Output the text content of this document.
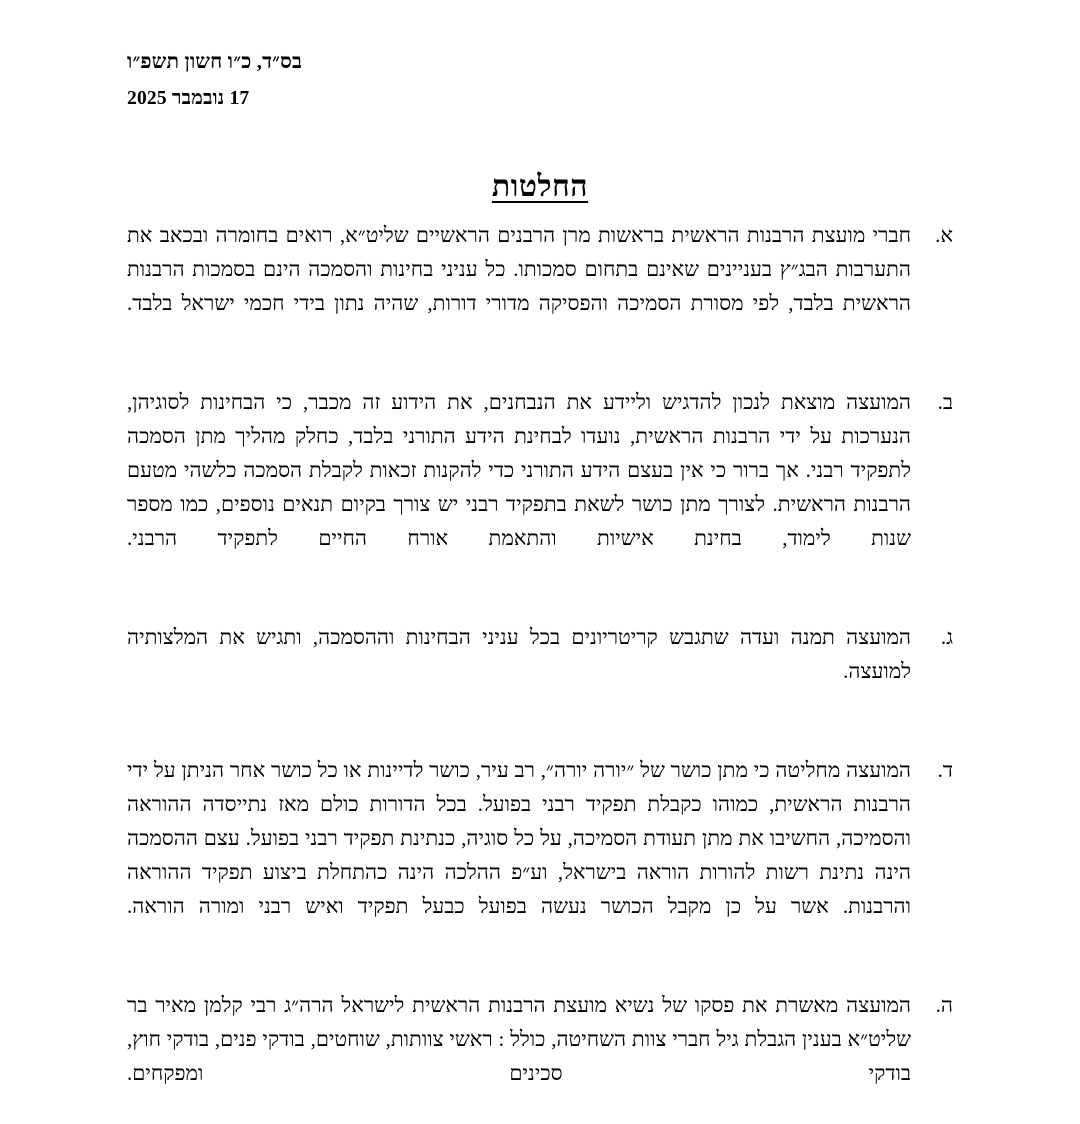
בס״ד, כ״ו חשון תשפ״ו
17 נובמבר 2025
החלטות
א.
חברי מועצת הרבנות הראשית בראשות מרן הרבנים הראשיים שליט״א, רואים בחומרה ובכאב את התערבות הבג״ץ בעניינים שאינם בתחום סמכותו. כל עניני בחינות והסמכה הינם בסמכות הרבנות הראשית בלבד, לפי מסורת הסמיכה והפסיקה מדורי דורות, שהיה נתון בידי חכמי ישראל בלבד.
ב.
המועצה מוצאת לנכון להדגיש וליידע את הנבחנים, את הידוע זה מכבר, כי הבחינות לסוגיהן, הנערכות על ידי הרבנות הראשית, נועדו לבחינת הידע התורני בלבד, כחלק מהליך מתן הסמכה לתפקיד רבני. אך ברור כי אין בעצם הידע התורני כדי להקנות זכאות לקבלת הסמכה כלשהי מטעם הרבנות הראשית. לצורך מתן כושר לשאת בתפקיד רבני יש צורך בקיום תנאים נוספים, כמו מספר שנות לימוד, בחינת אישיות והתאמת אורח החיים לתפקיד הרבני.
ג.
המועצה תמנה ועדה שתגבש קריטריונים בכל עניני הבחינות וההסמכה, ותגיש את המלצותיה למועצה.
ד.
המועצה מחליטה כי מתן כושר של ״יורה יורה״, רב עיר, כושר לדיינות או כל כושר אחר הניתן על ידי הרבנות הראשית, כמוהו כקבלת תפקיד רבני בפועל. בכל הדורות כולם מאז נתייסדה ההוראה והסמיכה, החשיבו את מתן תעודת הסמיכה, על כל סוגיה, כנתינת תפקיד רבני בפועל. עצם ההסמכה הינה נתינת רשות להורות הוראה בישראל, וע״פ ההלכה הינה כהתחלת ביצוע תפקיד ההוראה והרבנות. אשר על כן מקבל הכושר נעשה בפועל כבעל תפקיד ואיש רבני ומורה הוראה.
ה.
המועצה מאשרת את פסקו של נשיא מועצת הרבנות הראשית לישראל הרה״ג רבי קלמן מאיר בר שליט״א בענין הגבלת גיל חברי צוות השחיטה, כולל : ראשי צוותות, שוחטים, בודקי פנים, בודקי חוץ, בודקי סכינים ומפקחים.
